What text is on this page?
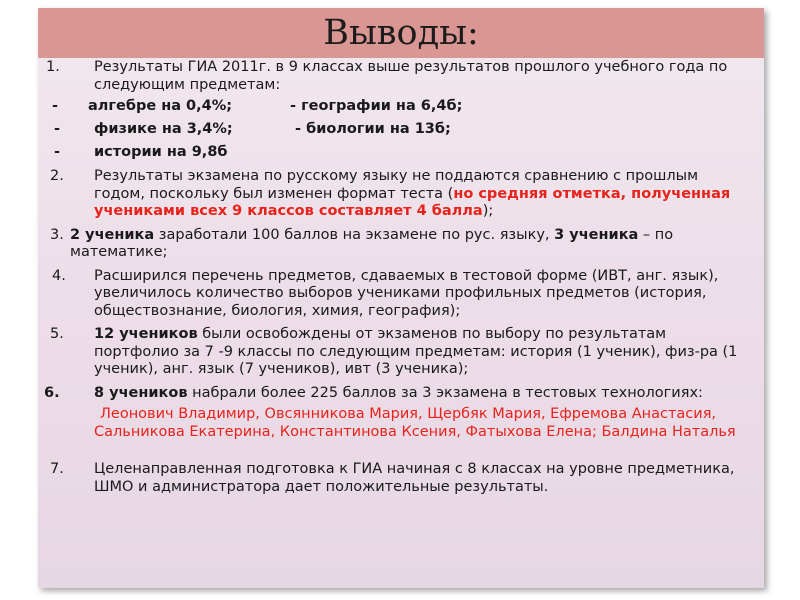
Выводы:
1. Результаты ГИА 2011г. в 9 классах выше результатов прошлого учебного года по следующим предметам:
- алгебре на 0,4%;	- географии на 6,4б;
- физике на 3,4%;	- биологии на 13б;
- истории на 9,8б
2. Результаты экзамена по русскому языку не поддаются сравнению с прошлым годом, поскольку был изменен формат теста (но средняя отметка, полученная учениками всех 9 классов составляет 4 балла);
3. 2 ученика заработали 100 баллов на экзамене по рус. языку, 3 ученика – по математике;
4. Расширился перечень предметов, сдаваемых в тестовой форме (ИВТ, анг. язык), увеличилось количество выборов учениками профильных предметов (история, обществознание, биология, химия, география);
5. 12 учеников были освобождены от экзаменов по выбору по результатам портфолио за 7 -9 классы по следующим предметам: история (1 ученик), физ-ра (1 ученик), анг. язык (7 учеников), ивт (3 ученика);
6. 8 учеников набрали более 225 баллов за 3 экзамена в тестовых технологиях:
Леонович Владимир, Овсянникова Мария, Щербяк Мария, Ефремова Анастасия, Сальникова Екатерина, Константинова Ксения, Фатыхова Елена; Балдина Наталья
7. Целенаправленная подготовка к ГИА начиная с 8 классах на уровне предметника, ШМО и администратора дает положительные результаты.
